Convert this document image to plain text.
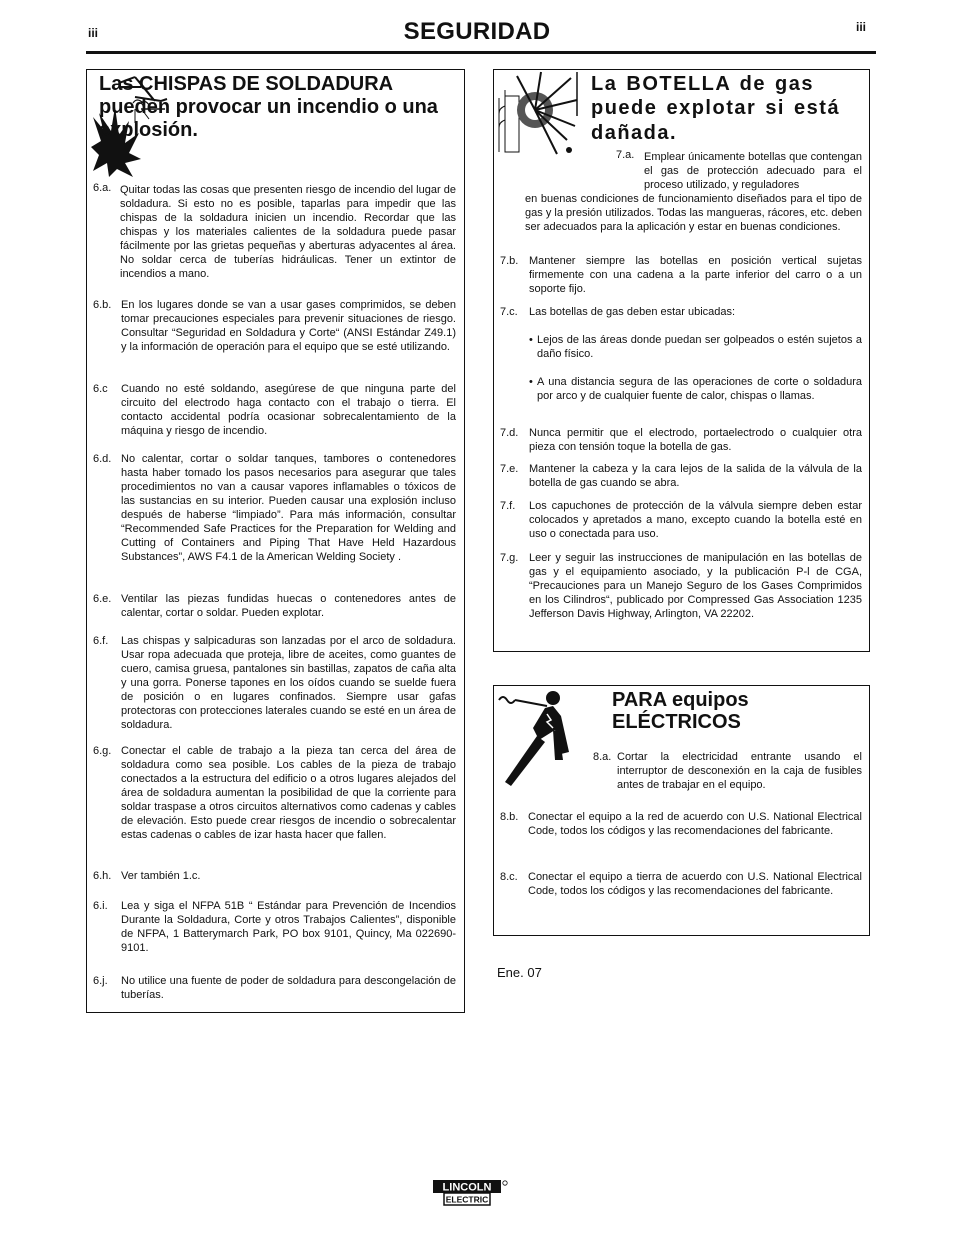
iii	SEGURIDAD	iii
Las CHISPAS DE SOLDADURA pueden provocar un incendio o una explosión.
La BOTELLA de gas puede explotar si está dañada.
PARA equipos ELÉCTRICOS
6.a. Quitar todas las cosas que presenten riesgo de incendio del lugar de soldadura. Si esto no es posible, taparlas para impedir que las chispas de la soldadura inicien un incendio. Recordar que las chispas y los materiales calientes de la soldadura puede pasar fácilmente por las grietas pequeñas y aberturas adyacentes al área. No soldar cerca de tuberías hidráulicas. Tener un extintor de incendios a mano.
6.b. En los lugares donde se van a usar gases comprimidos, se deben tomar precauciones especiales para prevenir situaciones de riesgo. Consultar “Seguridad en Soldadura y Corte“ (ANSI Estándar Z49.1) y la información de operación para el equipo que se esté utilizando.
6.c Cuando no esté soldando, asegúrese de que ninguna parte del circuito del electrodo haga contacto con el trabajo o tierra. El contacto accidental podría ocasionar sobrecalentamiento de la máquina y riesgo de incendio.
6.d. No calentar, cortar o soldar tanques, tambores o contenedores hasta haber tomado los pasos necesarios para asegurar que tales procedimientos no van a causar vapores inflamables o tóxicos de las sustancias en su interior. Pueden causar una explosión incluso después de haberse “limpiado”. Para más información, consultar “Recommended Safe Practices for the Preparation for Welding and Cutting of Containers and Piping That Have Held Hazardous Substances”, AWS F4.1 de la American Welding Society .
6.e. Ventilar las piezas fundidas huecas o contenedores antes de calentar, cortar o soldar. Pueden explotar.
6.f. Las chispas y salpicaduras son lanzadas por el arco de soldadura. Usar ropa adecuada que proteja, libre de aceites, como guantes de cuero, camisa gruesa, pantalones sin bastillas, zapatos de caña alta y una gorra. Ponerse tapones en los oídos cuando se suelde fuera de posición o en lugares confinados. Siempre usar gafas protectoras con protecciones laterales cuando se esté en un área de soldadura.
6.g. Conectar el cable de trabajo a la pieza tan cerca del área de soldadura como sea posible. Los cables de la pieza de trabajo conectados a la estructura del edificio o a otros lugares alejados del área de soldadura aumentan la posibilidad de que la corriente para soldar traspase a otros circuitos alternativos como cadenas y cables de elevación. Esto puede crear riesgos de incendio o sobrecalentar estas cadenas o cables de izar hasta hacer que fallen.
6.h. Ver también 1.c.
6.i. Lea y siga el NFPA 51B “ Estándar para Prevención de Incendios Durante la Soldadura, Corte y otros Trabajos Calientes”, disponible de NFPA, 1 Batterymarch Park, PO box 9101, Quincy, Ma 022690-9101.
6.j. No utilice una fuente de poder de soldadura para descongelación de tuberías.
7.a. Emplear únicamente botellas que contengan el gas de protección adecuado para el proceso utilizado, y reguladores
en buenas condiciones de funcionamiento diseñados para el tipo de gas y la presión utilizados. Todas las mangueras, rácores, etc. deben ser adecuados para la aplicación y estar en buenas condiciones.
7.b. Mantener siempre las botellas en posición vertical sujetas firmemente con una cadena a la parte inferior del carro o a un soporte fijo.
7.c. Las botellas de gas deben estar ubicadas:
• Lejos de las áreas donde puedan ser golpeados o estén sujetos a daño físico.
• A una distancia segura de las operaciones de corte o soldadura por arco y de cualquier fuente de calor, chispas o llamas.
7.d. Nunca permitir que el electrodo, portaelectrodo o cualquier otra pieza con tensión toque la botella de gas.
7.e. Mantener la cabeza y la cara lejos de la salida de la válvula de la botella de gas cuando se abra.
7.f. Los capuchones de protección de la válvula siempre deben estar colocados y apretados a mano, excepto cuando la botella esté en uso o conectada para uso.
7.g. Leer y seguir las instrucciones de manipulación en las botellas de gas y el equipamiento asociado, y la publicación P-l de CGA, “Precauciones para un Manejo Seguro de los Gases Comprimidos en los Cilindros“, publicado por Compressed Gas Association 1235 Jefferson Davis Highway, Arlington, VA 22202.
8.a. Cortar la electricidad entrante usando el interruptor de desconexión en la caja de fusibles antes de trabajar en el equipo.
8.b. Conectar el equipo a la red de acuerdo con U.S. National Electrical Code, todos los códigos y las recomendaciones del fabricante.
8.c. Conectar el equipo a tierra de acuerdo con U.S. National Electrical Code, todos los códigos y las recomendaciones del fabricante.
Ene. 07
LINCOLN
ELECTRIC
